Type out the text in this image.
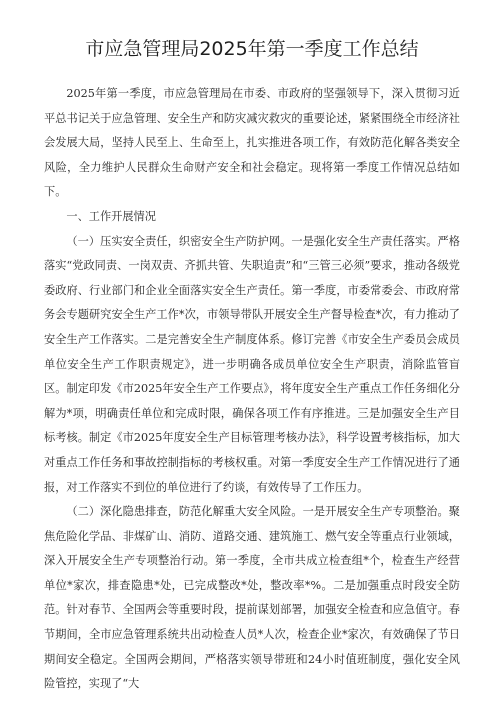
市应急管理局2025年第一季度工作总结

2025年第一季度，市应急管理局在市委、市政府的坚强领导下，深入贯彻习近平总书记关于应急管理、安全生产和防灾减灾救灾的重要论述，紧紧围绕全市经济社会发展大局，坚持人民至上、生命至上，扎实推进各项工作，有效防范化解各类安全风险，全力维护人民群众生命财产安全和社会稳定。现将第一季度工作情况总结如下。

一、工作开展情况

（一）压实安全责任，织密安全生产防护网。一是强化安全生产责任落实。严格落实“党政同责、一岗双责、齐抓共管、失职追责”和“三管三必须”要求，推动各级党委政府、行业部门和企业全面落实安全生产责任。第一季度，市委常委会、市政府常务会专题研究安全生产工作*次，市领导带队开展安全生产督导检查*次，有力推动了安全生产工作落实。二是完善安全生产制度体系。修订完善《市安全生产委员会成员单位安全生产工作职责规定》，进一步明确各成员单位安全生产职责，消除监管盲区。制定印发《市2025年安全生产工作要点》，将年度安全生产重点工作任务细化分解为*项，明确责任单位和完成时限，确保各项工作有序推进。三是加强安全生产目标考核。制定《市2025年度安全生产目标管理考核办法》，科学设置考核指标，加大对重点工作任务和事故控制指标的考核权重。对第一季度安全生产工作情况进行了通报，对工作落实不到位的单位进行了约谈，有效传导了工作压力。

（二）深化隐患排查，防范化解重大安全风险。一是开展安全生产专项整治。聚焦危险化学品、非煤矿山、消防、道路交通、建筑施工、燃气安全等重点行业领域，深入开展安全生产专项整治行动。第一季度，全市共成立检查组*个，检查生产经营单位*家次，排查隐患*处，已完成整改*处，整改率*%。二是加强重点时段安全防范。针对春节、全国两会等重要时段，提前谋划部署，加强安全检查和应急值守。春节期间，全市应急管理系统共出动检查人员*人次，检查企业*家次，有效确保了节日期间安全稳定。全国两会期间，严格落实领导带班和24小时值班制度，强化安全风险管控，实现了“大
